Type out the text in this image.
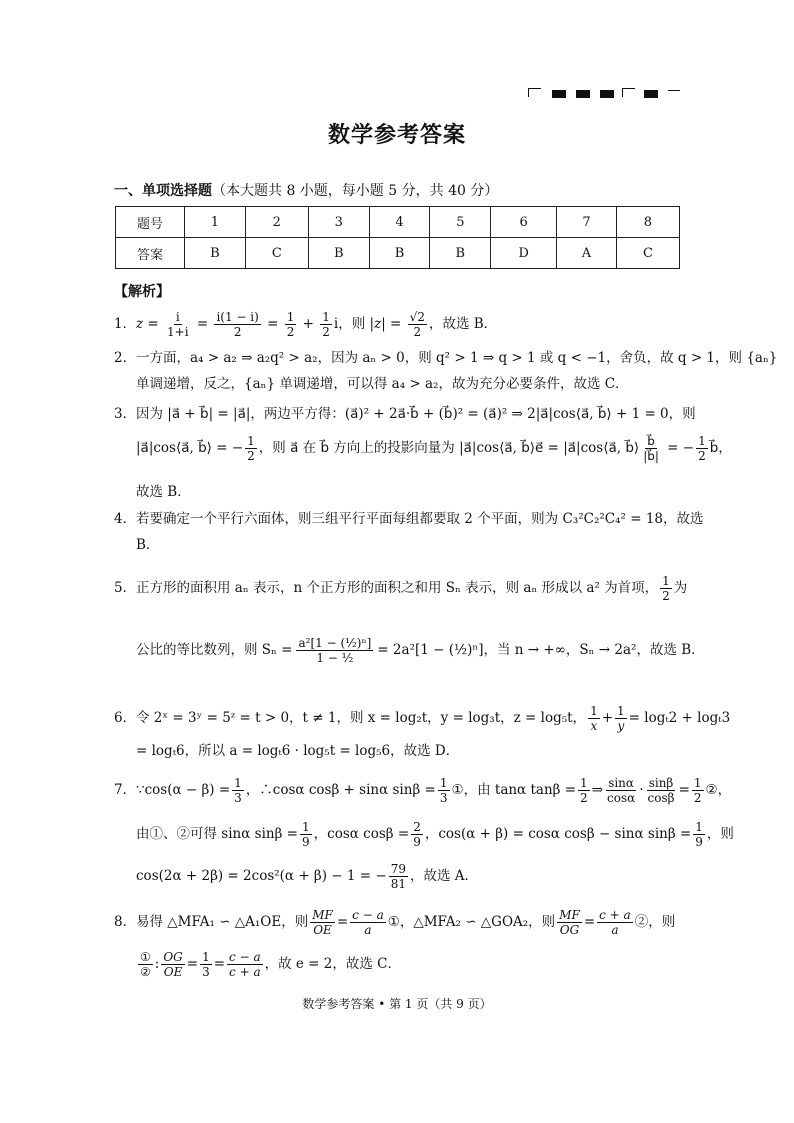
数学参考答案
一、单项选择题（本大题共 8 小题，每小题 5 分，共 40 分）
题号	1	2	3	4	5	6	7	8
答案	B	C	B	B	B	D	A	C
【解析】
1．$z = \frac{i}{1+i} = \frac{i(1 - i)}{2} = \frac{1}{2} + \frac{1}{2}$ i，则 $|z| = \frac{√2}{2}$ ，故选 B．
2．一方面，a₄ > a₂ ⇒ a₂q² > a₂，因为 aₙ > 0，则 q² > 1 ⇒ q > 1 或 q < −1，舍负，故 q > 1，则 {aₙ}
单调递增，反之，{aₙ} 单调递增，可以得 a₄ > a₂，故为充分必要条件，故选 C．
3．因为 |a⃗ + b⃗| = |a⃗|，两边平方得：(a⃗)² + 2a⃗·b⃗ + (b⃗)² = (a⃗)² ⇒ 2|a⃗|cos⟨a⃗, b⃗⟩ + 1 = 0，则
|a⃗|cos⟨a⃗, b⃗⟩ = − $\frac{1}{2}$ ，则 a⃗ 在 b⃗ 方向上的投影向量为 |a⃗|cos⟨a⃗, b⃗⟩e⃗ = |a⃗|cos⟨a⃗, b⃗⟩ $\frac{b⃗}{|b⃗|}$ = − $\frac{1}{2}$ b⃗，
故选 B．
4．若要确定一个平行六面体，则三组平行平面每组都要取 2 个平面，则为 C₃²C₂²C₄² = 18，故选
B．
5．正方形的面积用 aₙ 表示，n 个正方形的面积之和用 Sₙ 表示，则 aₙ 形成以 a² 为首项， $\frac{1}{2}$ 为
公比的等比数列，则 $S_n = \frac{\text{a²[1 − (½)ⁿ]}}{\text{1 − ½}} = 2a^2[1$ − (½)ⁿ] ，当 n → +∞，Sₙ → 2a²，故选 B．
6．令 2ˣ = 3ʸ = 5ᶻ = t > 0，t ≠ 1，则 x = log₂t，y = log₃t，z = log₅t， $\frac{1}{x} + \frac{1}{y} = \log_t2 + \log_t3$
= logₜ6，所以 a = logₜ6 · log₅t = log₅6，故选 D．
7．∵cos(α − $\beta) = \frac{1}{3}$ ，∴cosα cosβ + sinα $\sin\beta = \frac{1}{3}$ ①，由 tanα $\tan\beta = \frac{1}{2}$ ⇒ $\frac{\sin\alpha}{\cos\alpha} \cdot \frac{\sin\beta}{\cos\beta} = \frac{1}{2}$ ②，
由①、②可得 sinα $\sin\beta = \frac{1}{9}$ ，cosα $\cos\beta = \frac{2}{9}$ ，cos(α + β) = cosα cosβ − sinα $\sin\beta = \frac{1}{9}$ ，则
cos(2α + 2β) = 2cos²(α + β) − 1 = − $\frac{79}{81}$ ，故选 A．
8．易得 △MFA₁ ∽ △A₁OE，则 $\frac{MF}{OE} = \frac{c - a}{a}$ ①，△MFA₂ ∽ △GOA₂，则 $\frac{MF}{OG} = \frac{c + a}{a}$ ②，则
①
② : $\frac{OG}{OE} = \frac{1}{3} = \frac{c - a}{c + a}$ ，故 e = 2，故选 C．
数学参考答案 • 第 1 页（共 9 页）
